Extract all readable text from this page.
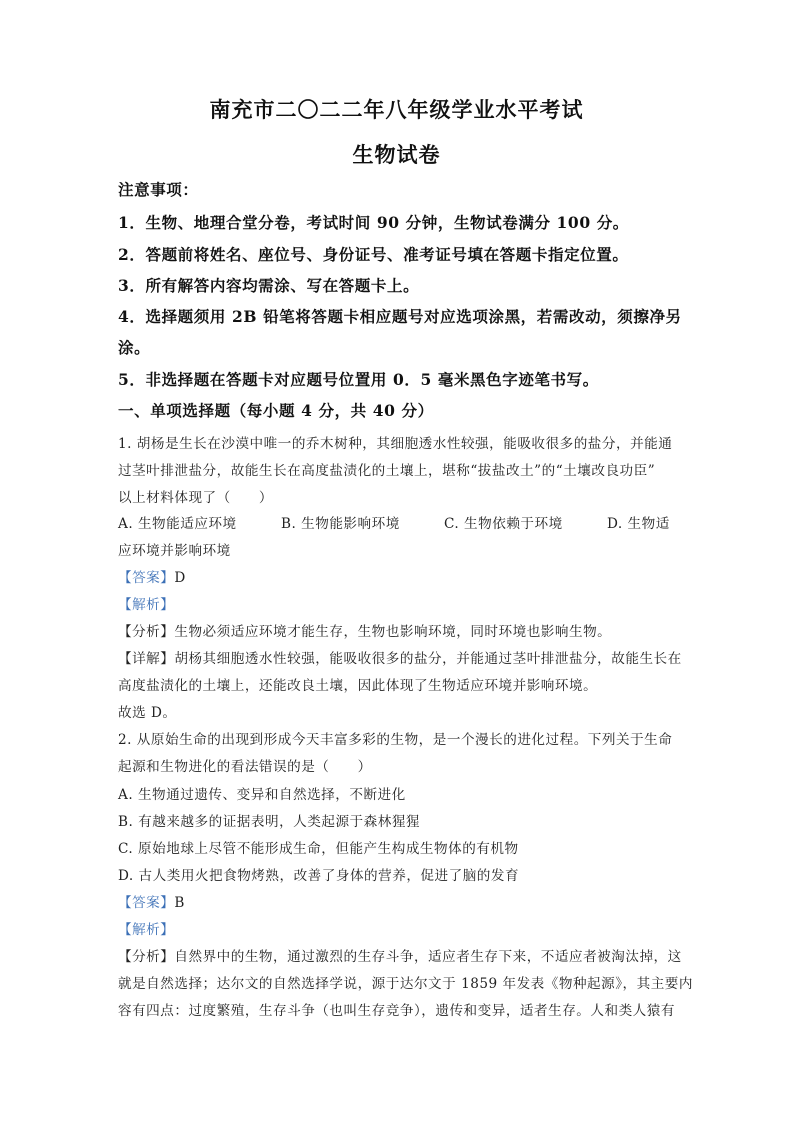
南充市二〇二二年八年级学业水平考试
生物试卷
注意事项：
1．生物、地理合堂分卷，考试时间 90 分钟，生物试卷满分 100 分。
2．答题前将姓名、座位号、身份证号、准考证号填在答题卡指定位置。
3．所有解答内容均需涂、写在答题卡上。
4．选择题须用 2B 铅笔将答题卡相应题号对应选项涂黑，若需改动，须擦净另
涂。
5．非选择题在答题卡对应题号位置用 0．5 毫米黑色字迹笔书写。
一、单项选择题（每小题 4 分，共 40 分）
1. 胡杨是生长在沙漠中唯一的乔木树种，其细胞透水性较强，能吸收很多的盐分，并能通
过茎叶排泄盐分，故能生长在高度盐渍化的土壤上，堪称“拔盐改土”的“土壤改良功臣”
以上材料体现了（　　）
A. 生物能适应环境	B. 生物能影响环境	C. 生物依赖于环境	D. 生物适
应环境并影响环境
【答案】D
【解析】
【分析】生物必须适应环境才能生存，生物也影响环境，同时环境也影响生物。
【详解】胡杨其细胞透水性较强，能吸收很多的盐分，并能通过茎叶排泄盐分，故能生长在
高度盐渍化的土壤上，还能改良土壤，因此体现了生物适应环境并影响环境。
故选 D。
2. 从原始生命的出现到形成今天丰富多彩的生物，是一个漫长的进化过程。下列关于生命
起源和生物进化的看法错误的是（　　）
A. 生物通过遗传、变异和自然选择，不断进化
B. 有越来越多的证据表明，人类起源于森林猩猩
C. 原始地球上尽管不能形成生命，但能产生构成生物体的有机物
D. 古人类用火把食物烤熟，改善了身体的营养，促进了脑的发育
【答案】B
【解析】
【分析】自然界中的生物，通过激烈的生存斗争，适应者生存下来，不适应者被淘汰掉，这
就是自然选择；达尔文的自然选择学说，源于达尔文于 1859 年发表《物种起源》，其主要内
容有四点：过度繁殖，生存斗争（也叫生存竞争），遗传和变异，适者生存。人和类人猿有
